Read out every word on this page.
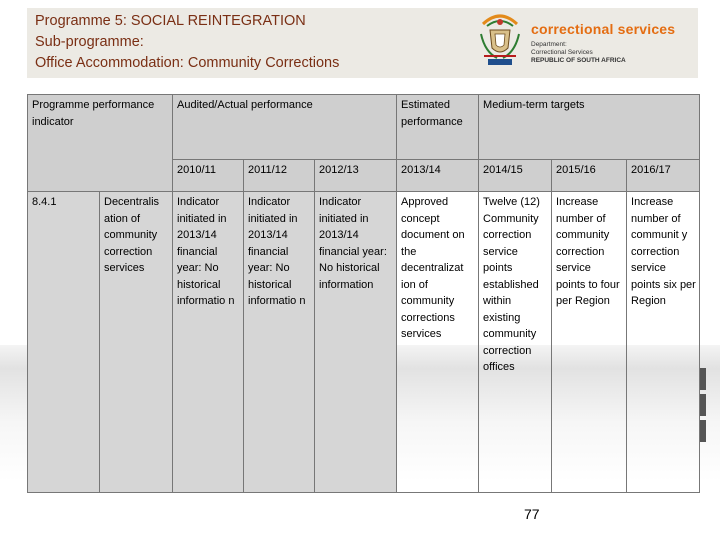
Programme 5: SOCIAL REINTEGRATION
Sub-programme:
Office Accommodation: Community Corrections
correctional services
Department:
Correctional Services
REPUBLIC OF SOUTH AFRICA
Programme performance indicator		Audited/Actual performance			Estimated performance	Medium-term targets		
		2010/11	2011/12	2012/13	2013/14	2014/15	2015/16	2016/17
8.4.1	Decentralis ation of community correction services	Indicator initiated in 2013/14 financial year: No historical informatio n	Indicator initiated in 2013/14 financial year: No historical informatio n	Indicator initiated in 2013/14 financial year: No historical information	Approved concept document on the decentralizat ion of community corrections services	Twelve (12) Community correction service points established within existing community correction offices	Increase number of community correction service points to four per Region	Increase number of communit y correction service points six per Region
77
